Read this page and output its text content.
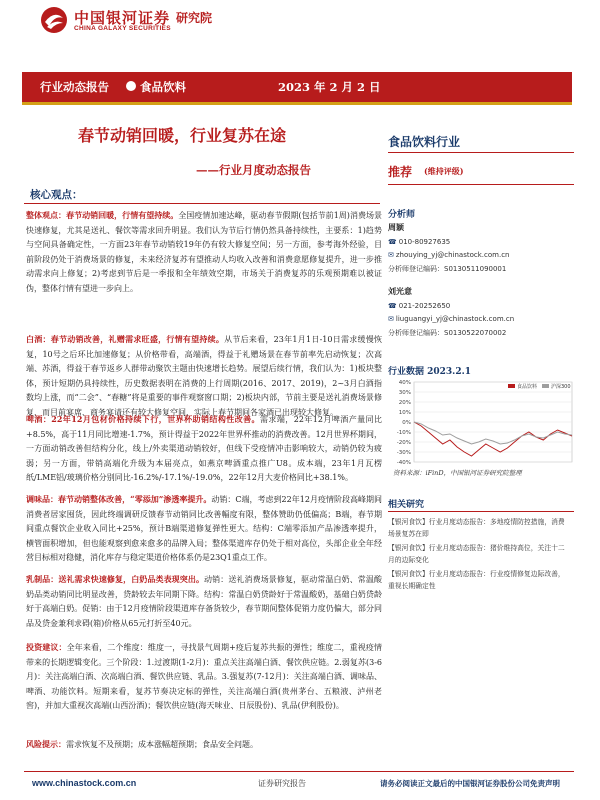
中国银河证券
CHINA GALAXY SECURITIES
研究院
行业动态报告	食品饮料	2023 年 2 月 2 日
春节动销回暖，行业复苏在途
——行业月度动态报告
核心观点：
整体观点：春节动销回暖，行情有望持续。全国疫情加速达峰，驱动春节假期(包括节前1周)消费场景快速修复，尤其是送礼、餐饮等需求回升明显。我们认为节后行情仍然具备持续性，主要系：1)趋势与空间具备确定性，一方面23年春节动销较19年仍有较大修复空间；另一方面，参考海外经验，目前阶段仍处于消费场景的修复，未来经济复苏有望推动人均收入改善和消费意愿修复提升，进一步推动需求向上修复；2)考虑到节后是一季报和全年绩效空期，市场关于消费复苏的乐观预期难以被证伪，整体行情有望进一步向上。
白酒：春节动销改善，礼赠需求旺盛，行情有望持续。从节后来看，23年1月1日-10日需求缓慢恢复，10号之后环比加速修复；从价格带看，高端酒，得益于礼赠场景在春节前率先启动恢复；次高端、苏酒，得益于春节返乡人群带动聚饮主题由快速增长趋势。展望后续行情，我们认为：1)板块整体，预计短期仍具持续性，历史数据表明在消费的上行周期(2016、2017、2019)，2~3月白酒指数均上涨，而“二会”、“春糖”将是重要的事件观察窗口期；2)板块内部，节前主要是送礼消费场景修复，而目前宴席、商务宴请还有较大修复空间，实际上春节期间各家酒已出现较大修复。
啤酒：22年12月包材价格持续下行，世界杯助销结构性改善。需求端，22年12月啤酒产量同比+8.5%，高于11月同比增速-1.7%，预计得益于2022年世界杯推动的消费改善。12月世界杯期间，一方面动销改善但结构分化，线上/外卖渠道动销较好，但线下受疫情冲击影响较大，动销仍较为疲弱；另一方面，带销高端化升级为本届亮点，如燕京啤酒重点推广U8。成本端，23年1月瓦楞纸/LME铝/玻璃价格分别同比-16.2%/-17.1%/-19.0%，22年12月大麦价格同比+38.1%。
调味品：春节动销整体改善，“零添加”渗透率提升。动销：C端，考虑到22年12月疫情阶段高峰期间消费者居家囤货，因此终端调研反馈春节动销同比改善幅度有限，整体赞助仍低偏高；B端，春节期间重点餐饮企业收入同比+25%，预计B端渠道修复弹性更大。结构：C端零添加产品渗透率提升，横管面积增加，但也能观察到愈来愈多的品牌入局；整体渠道库存仍处于相对高位，头部企业全年经营目标相对稳健，消化库存与稳定渠道价格体系仍是23Q1重点工作。
乳制品：送礼需求快速修复，白奶品类表现突出。动销：送礼消费场景修复，驱动常温白奶、常温酸奶品类动销同比明显改善，贷龄较去年同期下降。结构：常温白奶贷龄好于常温酸奶，基础白奶贷龄好于高端白奶。促销：由于12月疫情阶段渠道库存备货较少，春节期间整体促销力度仍偏大，部分同品及贷金兼利求碍(箱)价格从65元打折至40元。
投资建议：全年来看，二个维度：维度一，寻找景气周期+疫后复苏共振的弹性；维度二，重视疫情带来的长期逻辑变化。三个阶段：1.过渡期(1-2月)：重点关注高端白酒、餐饮供应链。2.弱复苏(3-6月)：关注高端白酒、次高端白酒、餐饮供应链、乳品。3.强复苏(7-12月)：关注高端白酒、调味品、啤酒、功能饮料。短期来看，复苏节奏决定标的弹性，关注高端白酒(贵州茅台、五粮液、泸州老窖)，并加大重视次高端(山西汾酒)；餐饮供应链(海天味业、日辰股份)、乳品(伊利股份)。
风险提示：需求恢复不及预期；成本涨幅超预期；食品安全问题。
食品饮料行业
推荐 (维持评级)
分析师
周颖
☎ 010-80927635
✉ zhouying_yj@chinastock.com.cn
分析师登记编码：S0130511090001
刘光意
☎ 021-20252650
✉ liuguangyi_yj@chinastock.com.cn
分析师登记编码：S0130522070002
行业数据 2023.2.1
40%
30%
20%
10%
0%
-10%
-20%
-30%
-40%
食品饮料	沪深300
资料来源：iFinD，中国银河证券研究院整理
相关研究
【银河食饮】行业月度动态报告：多地疫情防控措施，消费场景复苏在即
【银河食饮】行业月度动态报告：猪价维持高位，关注十二月的边际变化
【银河食饮】行业月度动态报告：行业疫情修复边际改善，重视长期确定性
www.chinastock.com.cn	证券研究报告	请务必阅读正文最后的中国银河证券股份公司免责声明
